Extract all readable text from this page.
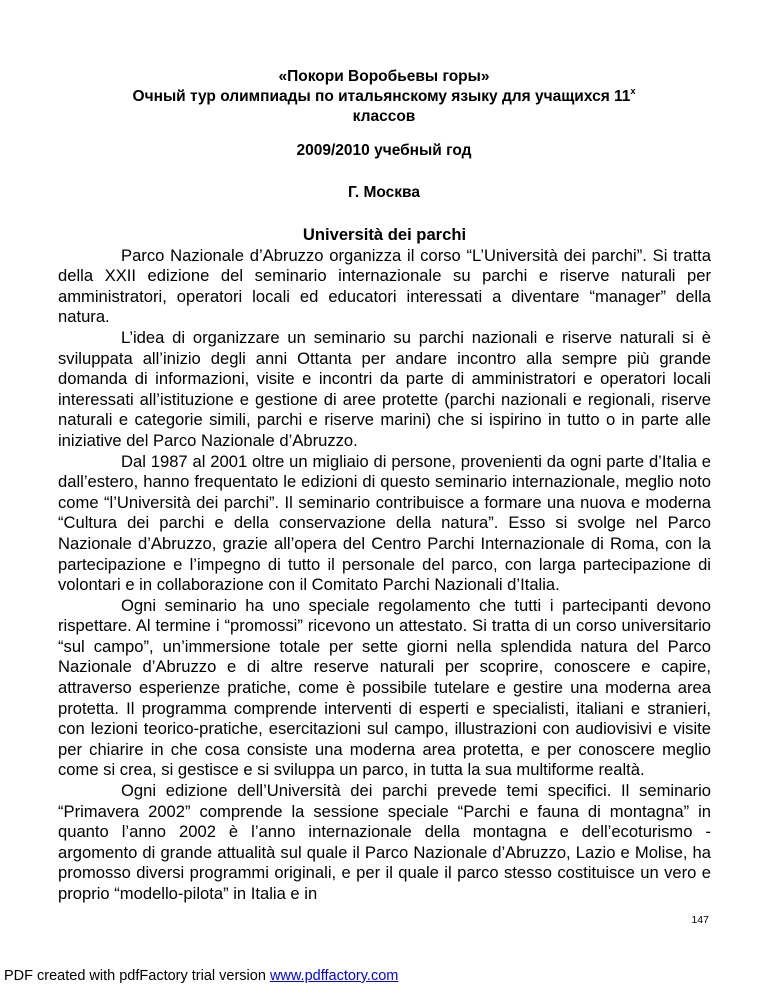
«Покори Воробьевы горы»
Очный тур олимпиады по итальянскому языку для учащихся $11^х$
классов
2009/2010 учебный год
Г. Москва

Università dei parchi

Parco Nazionale d’Abruzzo organizza il corso “L’Università dei parchi”. Si tratta della XXII edizione del seminario internazionale su parchi e riserve naturali per amministratori, operatori locali ed educatori interessati a diventare “manager” della natura.

L’idea di organizzare un seminario su parchi nazionali e riserve naturali si è sviluppata all’inizio degli anni Ottanta per andare incontro alla sempre più grande domanda di informazioni, visite e incontri da parte di amministratori e operatori locali interessati all’istituzione e gestione di aree protette (parchi nazionali e regionali, riserve naturali e categorie simili, parchi e riserve marini) che si ispirino in tutto o in parte alle iniziative del Parco Nazionale d’Abruzzo.

Dal 1987 al 2001 oltre un migliaio di persone, provenienti da ogni parte d’Italia e dall’estero, hanno frequentato le edizioni di questo seminario internazionale, meglio noto come “l’Università dei parchi”. Il seminario contribuisce a formare una nuova e moderna “Cultura dei parchi e della conservazione della natura”. Esso si svolge nel Parco Nazionale d’Abruzzo, grazie all’opera del Centro Parchi Internazionale di Roma, con la partecipazione e l’impegno di tutto il personale del parco, con larga partecipazione di volontari e in collaborazione con il Comitato Parchi Nazionali d’Italia.

Ogni seminario ha uno speciale regolamento che tutti i partecipanti devono rispettare. Al termine i “promossi” ricevono un attestato. Si tratta di un corso universitario “sul campo”, un’immersione totale per sette giorni nella splendida natura del Parco Nazionale d’Abruzzo e di altre reserve naturali per scoprire, conoscere e capire, attraverso esperienze pratiche, come è possibile tutelare e gestire una moderna area protetta. Il programma comprende interventi di esperti e specialisti, italiani e stranieri, con lezioni teorico-pratiche, esercitazioni sul campo, illustrazioni con audiovisivi e visite per chiarire in che cosa consiste una moderna area protetta, e per conoscere meglio come si crea, si gestisce e si sviluppa un parco, in tutta la sua multiforme realtà.

Ogni edizione dell’Università dei parchi prevede temi specifici. Il seminario “Primavera 2002” comprende la sessione speciale “Parchi e fauna di montagna” in quanto l’anno 2002 è l’anno internazionale della montagna e dell’ecoturismo - argomento di grande attualità sul quale il Parco Nazionale d’Abruzzo, Lazio e Molise, ha promosso diversi programmi originali, e per il quale il parco stesso costituisce un vero e proprio “modello-pilota” in Italia e in

147
PDF created with pdfFactory trial version www.pdffactory.com
